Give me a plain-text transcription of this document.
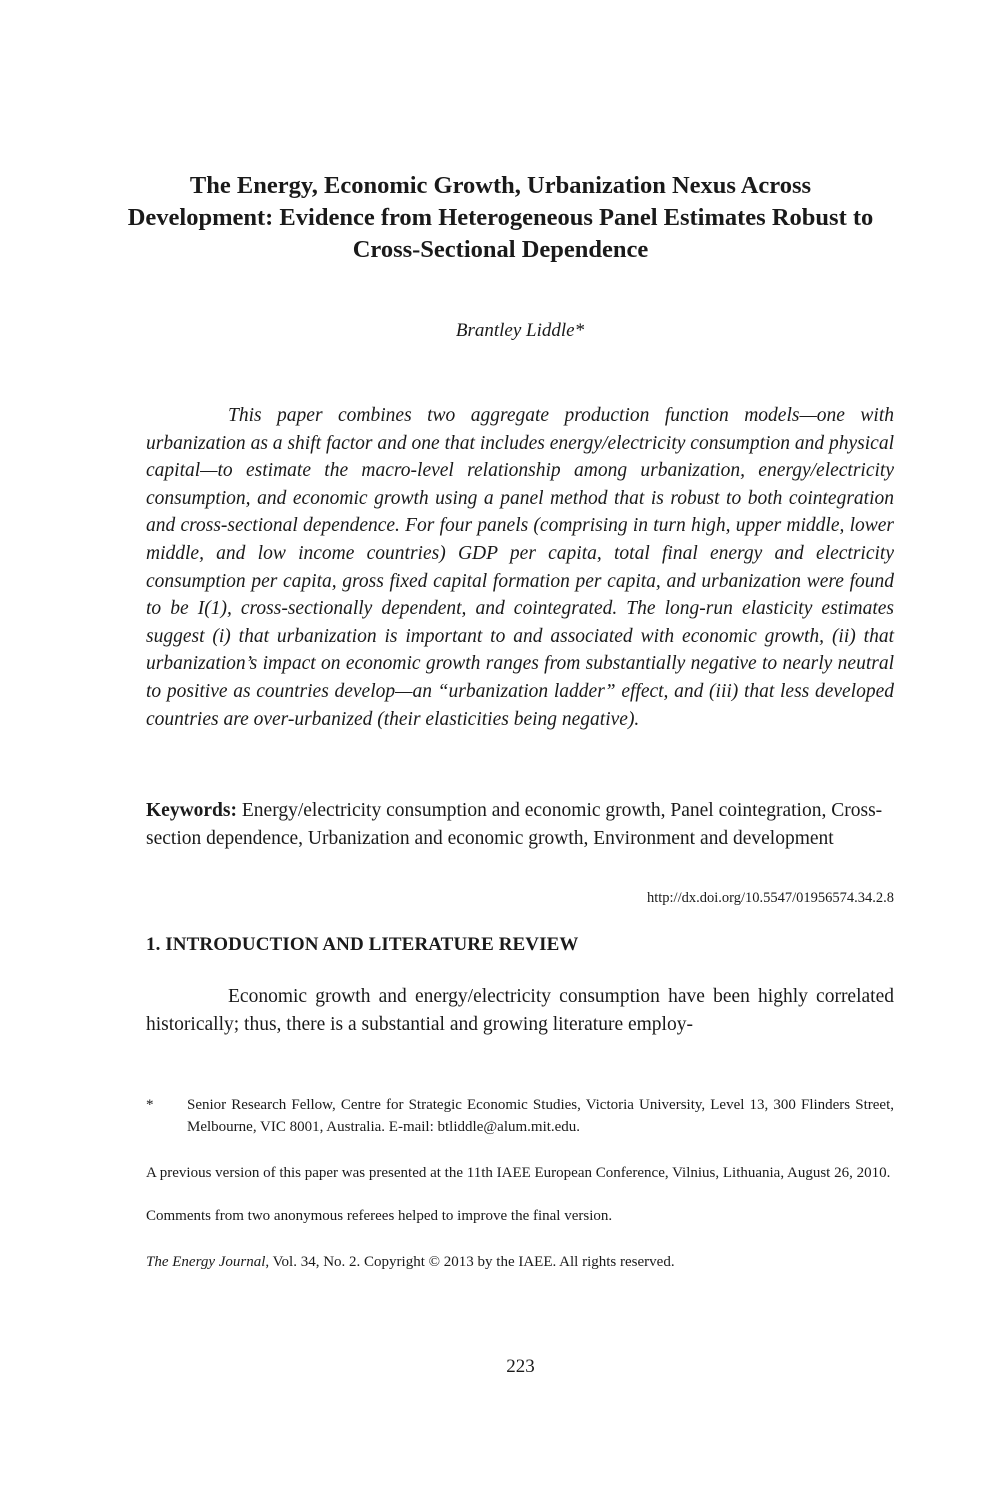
The Energy, Economic Growth, Urbanization Nexus Across Development: Evidence from Heterogeneous Panel Estimates Robust to Cross-Sectional Dependence
Brantley Liddle*
This paper combines two aggregate production function models—one with urbanization as a shift factor and one that includes energy/electricity consumption and physical capital—to estimate the macro-level relationship among urbanization, energy/electricity consumption, and economic growth using a panel method that is robust to both cointegration and cross-sectional dependence. For four panels (comprising in turn high, upper middle, lower middle, and low income countries) GDP per capita, total final energy and electricity consumption per capita, gross fixed capital formation per capita, and urbanization were found to be I(1), cross-sectionally dependent, and cointegrated. The long-run elasticity estimates suggest (i) that urbanization is important to and associated with economic growth, (ii) that urbanization’s impact on economic growth ranges from substantially negative to nearly neutral to positive as countries develop—an “urbanization ladder” effect, and (iii) that less developed countries are over-urbanized (their elasticities being negative).
Keywords: Energy/electricity consumption and economic growth, Panel cointegration, Cross-section dependence, Urbanization and economic growth, Environment and development
http://dx.doi.org/10.5547/01956574.34.2.8
1. INTRODUCTION AND LITERATURE REVIEW
Economic growth and energy/electricity consumption have been highly correlated historically; thus, there is a substantial and growing literature employ-
* Senior Research Fellow, Centre for Strategic Economic Studies, Victoria University, Level 13, 300 Flinders Street, Melbourne, VIC 8001, Australia. E-mail: btliddle@alum.mit.edu.
A previous version of this paper was presented at the 11th IAEE European Conference, Vilnius, Lithuania, August 26, 2010.
Comments from two anonymous referees helped to improve the final version.
The Energy Journal, Vol. 34, No. 2. Copyright © 2013 by the IAEE. All rights reserved.
223
